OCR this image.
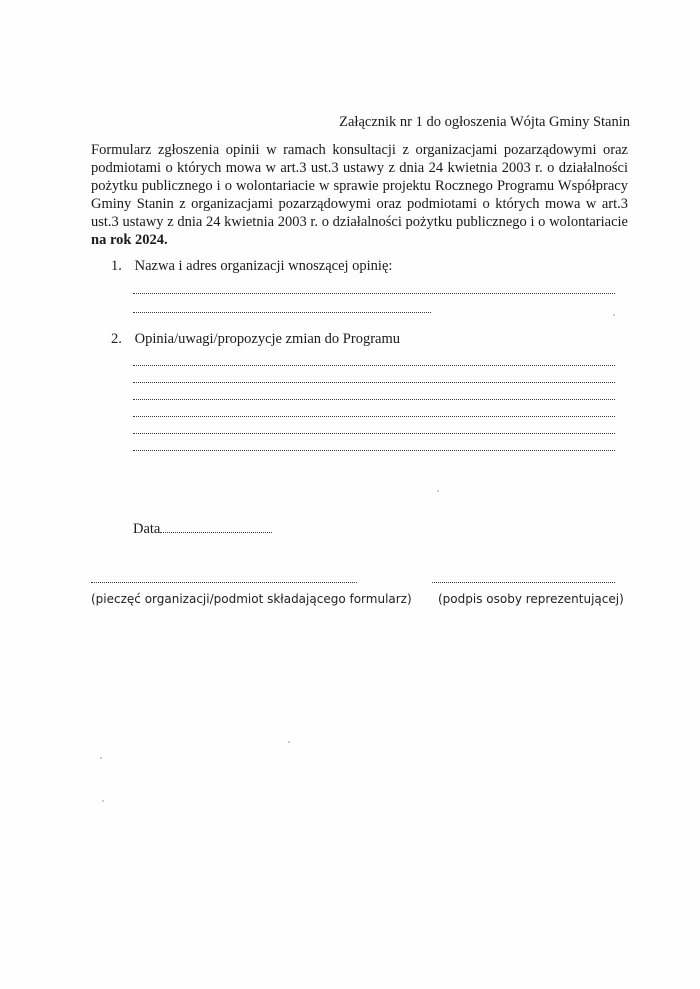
Załącznik nr 1 do ogłoszenia Wójta Gminy Stanin
Formularz zgłoszenia opinii w ramach konsultacji z organizacjami pozarządowymi oraz podmiotami o których mowa w art.3 ust.3 ustawy z dnia 24 kwietnia 2003 r. o działalności pożytku publicznego i o wolontariacie w sprawie projektu Rocznego Programu Współpracy Gminy Stanin z organizacjami pozarządowymi oraz podmiotami o których mowa w art.3 ust.3 ustawy z dnia 24 kwietnia 2003 r. o działalności pożytku publicznego i o wolontariacie na rok 2024.
1. Nazwa i adres organizacji wnoszącej opinię:
2. Opinia/uwagi/propozycje zmian do Programu
Data
(pieczęć organizacji/podmiot składającego formularz) (podpis osoby reprezentującej)
